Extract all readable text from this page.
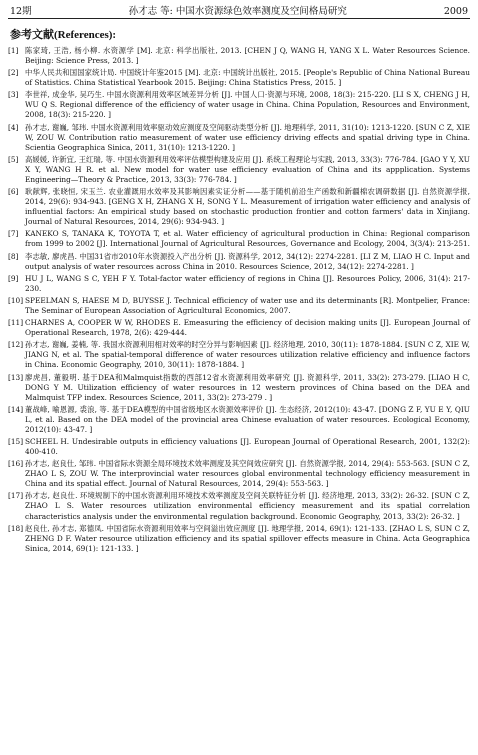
12期	孙才志 等: 中国水资源绿色效率测度及空间格局研究	2009
参考文献(References):
[1] 陈家琦, 王浩, 杨小柳. 水资源学 [M]. 北京: 科学出版社, 2013. [CHEN J Q, WANG H, YANG X L. Water Resources Science. Beijing: Science Press, 2013. ]
[2] 中华人民共和国国家统计局. 中国统计年鉴2015 [M]. 北京: 中国统计出版社, 2015. [People's Republic of China National Bureau of Statistics. China Statistical Yearbook 2015. Beijing: China Statistics Press, 2015. ]
[3] 李世祥, 成金华, 吴巧生. 中国水资源利用效率区域差异分析 [J]. 中国人口·资源与环境, 2008, 18(3): 215-220. [LI S X, CHENG J H, WU Q S. Regional difference of the efficiency of water usage in China. China Population, Resources and Environment, 2008, 18(3): 215-220. ]
[4] 孙才志, 谢巍, 邹玮. 中国水资源利用效率驱动效应测度及空间驱动类型分析 [J]. 地理科学, 2011, 31(10): 1213-1220. [SUN C Z, XIE W, ZOU W. Contribution ratio measurement of water use efficiency driving effects and spatial driving type in China. Scientia Geographica Sinica, 2011, 31(10): 1213-1220. ]
[5] 高媛媛, 许新宜, 王红瑞, 等. 中国水资源利用效率评估模型构建及应用 [J]. 系统工程理论与实践, 2013, 33(3): 776-784. [GAO Y Y, XU X Y, WANG H R. et al. New model for water use efficiency evaluation of China and its appplication. Systems Engineering—Theory & Practice, 2013, 33(3): 776-784. ]
[6] 耿献辉, 张晓恒, 宋玉兰. 农业灌溉用水效率及其影响因素实证分析——基于随机前沿生产函数和新疆棉农调研数据 [J]. 自然资源学报, 2014, 29(6): 934-943. [GENG X H, ZHANG X H, SONG Y L. Measurement of irrigation water efficiency and analysis of influential factors: An empirical study based on stochastic production frontier and cotton farmers' data in Xinjiang. Journal of Natural Resources, 2014, 29(6): 934-943. ]
[7] KANEKO S, TANAKA K, TOYOTA T, et al. Water efficiency of agricultural production in China: Regional comparison from 1999 to 2002 [J]. International Journal of Agricultural Resources, Governance and Ecology, 2004, 3(3/4): 213-251.
[8] 李志敏, 廖虎昌. 中国31省市2010年水资源投入产出分析 [J]. 资源科学, 2012, 34(12): 2274-2281. [LI Z M, LIAO H C. Input and output analysis of water resources across China in 2010. Resources Science, 2012, 34(12): 2274-2281. ]
[9] HU J L, WANG S C, YEH F Y. Total-factor water efficiency of regions in China [J]. Resources Policy, 2006, 31(4): 217-230.
[10] SPEELMAN S, HAESE M D, BUYSSE J. Technical efficiency of water use and its determinants [R]. Montpelier, France: The Seminar of European Association of Agricultural Economics, 2007.
[11] CHARNES A, COOPER W W, RHODES E. Emeasuring the efficiency of decision making units [J]. European Journal of Operational Research, 1978, 2(6): 429-444.
[12] 孙才志, 谢巍, 姜楠, 等. 我国水资源利用相对效率的时空分异与影响因素 [J]. 经济地理, 2010, 30(11): 1878-1884. [SUN C Z, XIE W, JIANG N, et al. The spatial-temporal difference of water resources utilization relative efficiency and influence factors in China. Economic Geography, 2010, 30(11): 1878-1884. ]
[13] 廖虎昌, 董毅明. 基于DEA和Malmquist指数的西部12省水资源利用效率研究 [J]. 资源科学, 2011, 33(2): 273-279. [LIAO H C, DONG Y M. Utilization efficiency of water resources in 12 western provinces of China based on the DEA and Malmquist TFP index. Resources Science, 2011, 33(2): 273-279 . ]
[14] 董战峰, 喻恩源, 裘浪, 等. 基于DEA模型的中国省级地区水资源效率评价 [J]. 生态经济, 2012(10): 43-47. [DONG Z F, YU E Y, QIU L, et al. Based on the DEA model of the provincial area Chinese evaluation of water resources. Ecological Economy, 2012(10): 43-47. ]
[15] SCHEEL H. Undesirable outputs in efficiency valuations [J]. European Journal of Operational Research, 2001, 132(2): 400-410.
[16] 孙才志, 赵良仕, 邹玮. 中国省际水资源全局环境技术效率测度及其空间效应研究 [J]. 自然资源学报, 2014, 29(4): 553-563. [SUN C Z, ZHAO L S, ZOU W. The interprovincial water resources global environmental technology efficiency measurement in China and its spatial effect. Journal of Natural Resources, 2014, 29(4): 553-563. ]
[17] 孙才志, 赵良仕. 环境规制下的中国水资源利用环境技术效率测度及空间关联特征分析 [J]. 经济地理, 2013, 33(2): 26-32. [SUN C Z, ZHAO L S. Water resources utilization environmental efficiency measurement and its spatial correlation characteristics analysis under the environmental regulation background. Economic Geography, 2013, 33(2): 26-32. ]
[18] 赵良仕, 孙才志, 郑德凤. 中国省际水资源利用效率与空间溢出效应测度 [J]. 地理学报, 2014, 69(1): 121-133. [ZHAO L S, SUN C Z, ZHENG D F. Water resource utilization efficiency and its spatial spillover effects measure in China. Acta Geographica Sinica, 2014, 69(1): 121-133. ]
